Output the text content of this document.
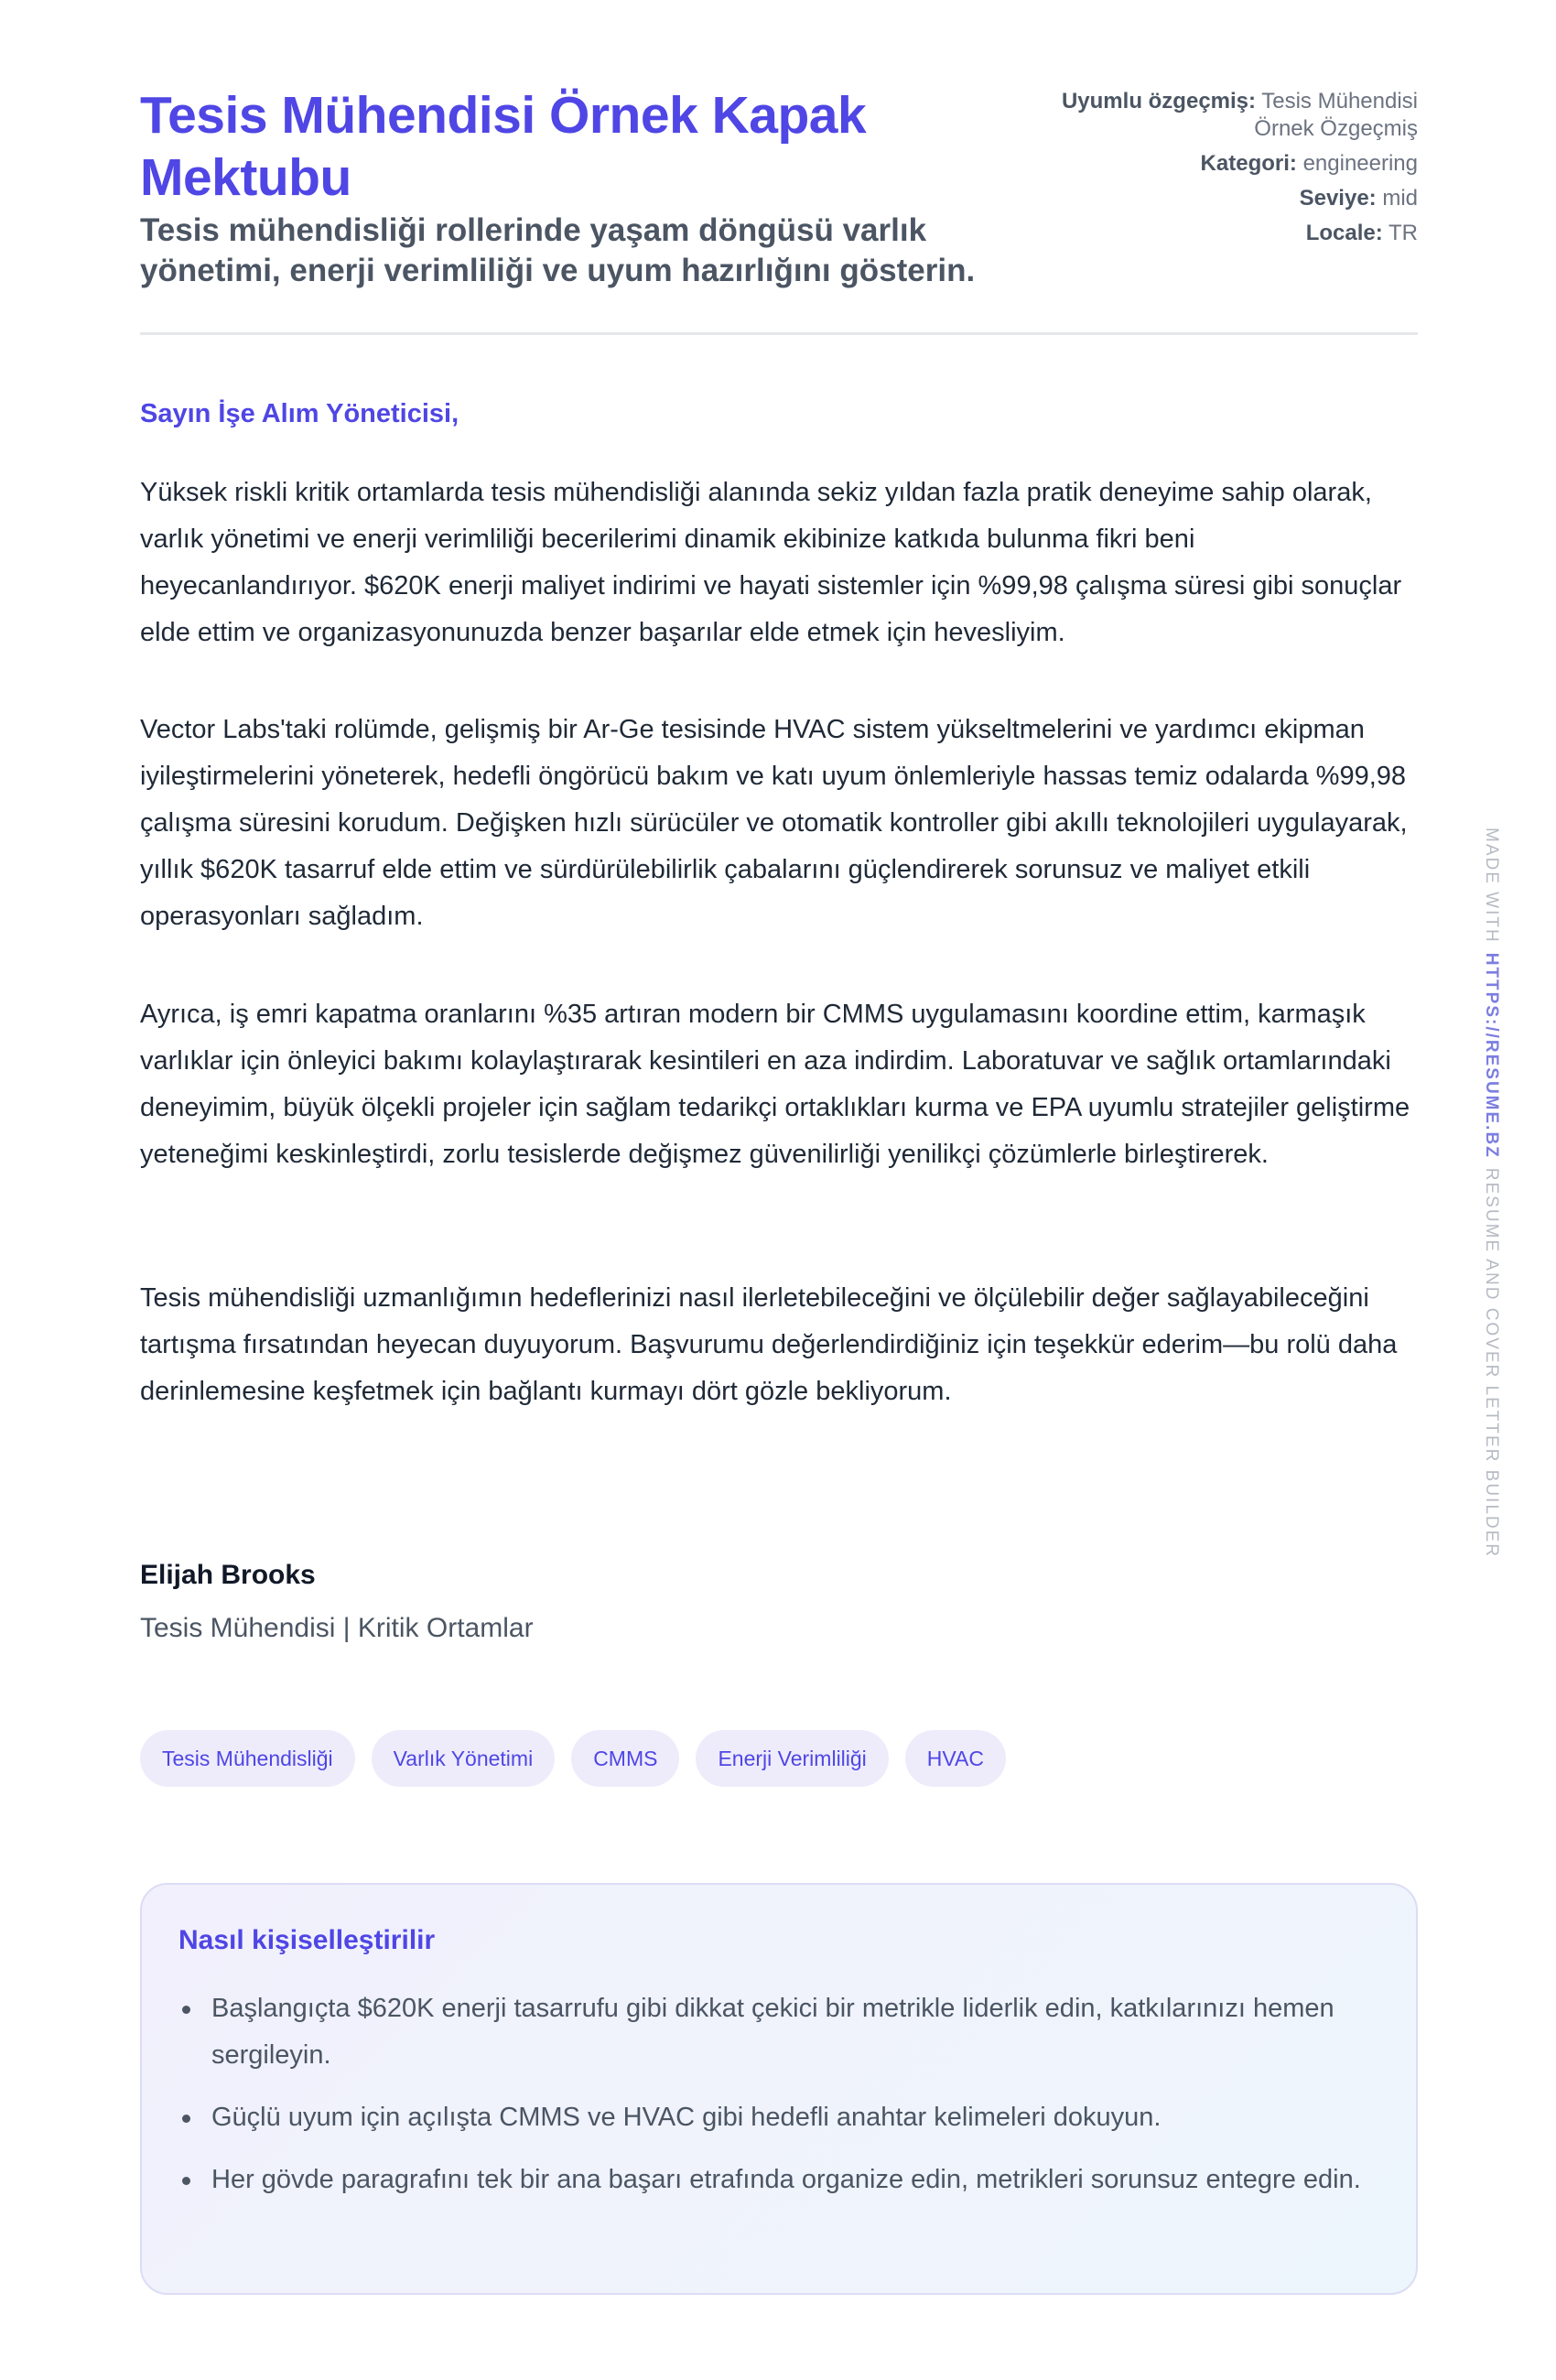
Tesis Mühendisi Örnek Kapak Mektubu
Tesis mühendisliği rollerinde yaşam döngüsü varlık yönetimi, enerji verimliliği ve uyum hazırlığını gösterin.
Uyumlu özgeçmiş: Tesis Mühendisi Örnek Özgeçmiş
Kategori: engineering
Seviye: mid
Locale: TR
Sayın İşe Alım Yöneticisi,

Yüksek riskli kritik ortamlarda tesis mühendisliği alanında sekiz yıldan fazla pratik deneyime sahip olarak, varlık yönetimi ve enerji verimliliği becerilerimi dinamik ekibinize katkıda bulunma fikri beni heyecanlandırıyor. $620K enerji maliyet indirimi ve hayati sistemler için %99,98 çalışma süresi gibi sonuçlar elde ettim ve organizasyonunuzda benzer başarılar elde etmek için hevesliyim.

Vector Labs'taki rolümde, gelişmiş bir Ar-Ge tesisinde HVAC sistem yükseltmelerini ve yardımcı ekipman iyileştirmelerini yöneterek, hedefli öngörücü bakım ve katı uyum önlemleriyle hassas temiz odalarda %99,98 çalışma süresini korudum. Değişken hızlı sürücüler ve otomatik kontroller gibi akıllı teknolojileri uygulayarak, yıllık $620K tasarruf elde ettim ve sürdürülebilirlik çabalarını güçlendirerek sorunsuz ve maliyet etkili operasyonları sağladım.

Ayrıca, iş emri kapatma oranlarını %35 artıran modern bir CMMS uygulamasını koordine ettim, karmaşık varlıklar için önleyici bakımı kolaylaştırarak kesintileri en aza indirdim. Laboratuvar ve sağlık ortamlarındaki deneyimim, büyük ölçekli projeler için sağlam tedarikçi ortaklıkları kurma ve EPA uyumlu stratejiler geliştirme yeteneğimi keskinleştirdi, zorlu tesislerde değişmez güvenilirliği yenilikçi çözümlerle birleştirerek.

Tesis mühendisliği uzmanlığımın hedeflerinizi nasıl ilerletebileceğini ve ölçülebilir değer sağlayabileceğini tartışma fırsatından heyecan duyuyorum. Başvurumu değerlendirdiğiniz için teşekkür ederim—bu rolü daha derinlemesine keşfetmek için bağlantı kurmayı dört gözle bekliyorum.

Elijah Brooks
Tesis Mühendisi | Kritik Ortamlar
Tesis Mühendisliği	Varlık Yönetimi	CMMS	Enerji Verimliliği	HVAC
Nasıl kişiselleştirilir
Başlangıçta $620K enerji tasarrufu gibi dikkat çekici bir metrikle liderlik edin, katkılarınızı hemen sergileyin.
Güçlü uyum için açılışta CMMS ve HVAC gibi hedefli anahtar kelimeleri dokuyun.
Her gövde paragrafını tek bir ana başarı etrafında organize edin, metrikleri sorunsuz entegre edin.
MADE WITHHTTPS://RESUME.BZRESUME AND COVER LETTER BUILDER
